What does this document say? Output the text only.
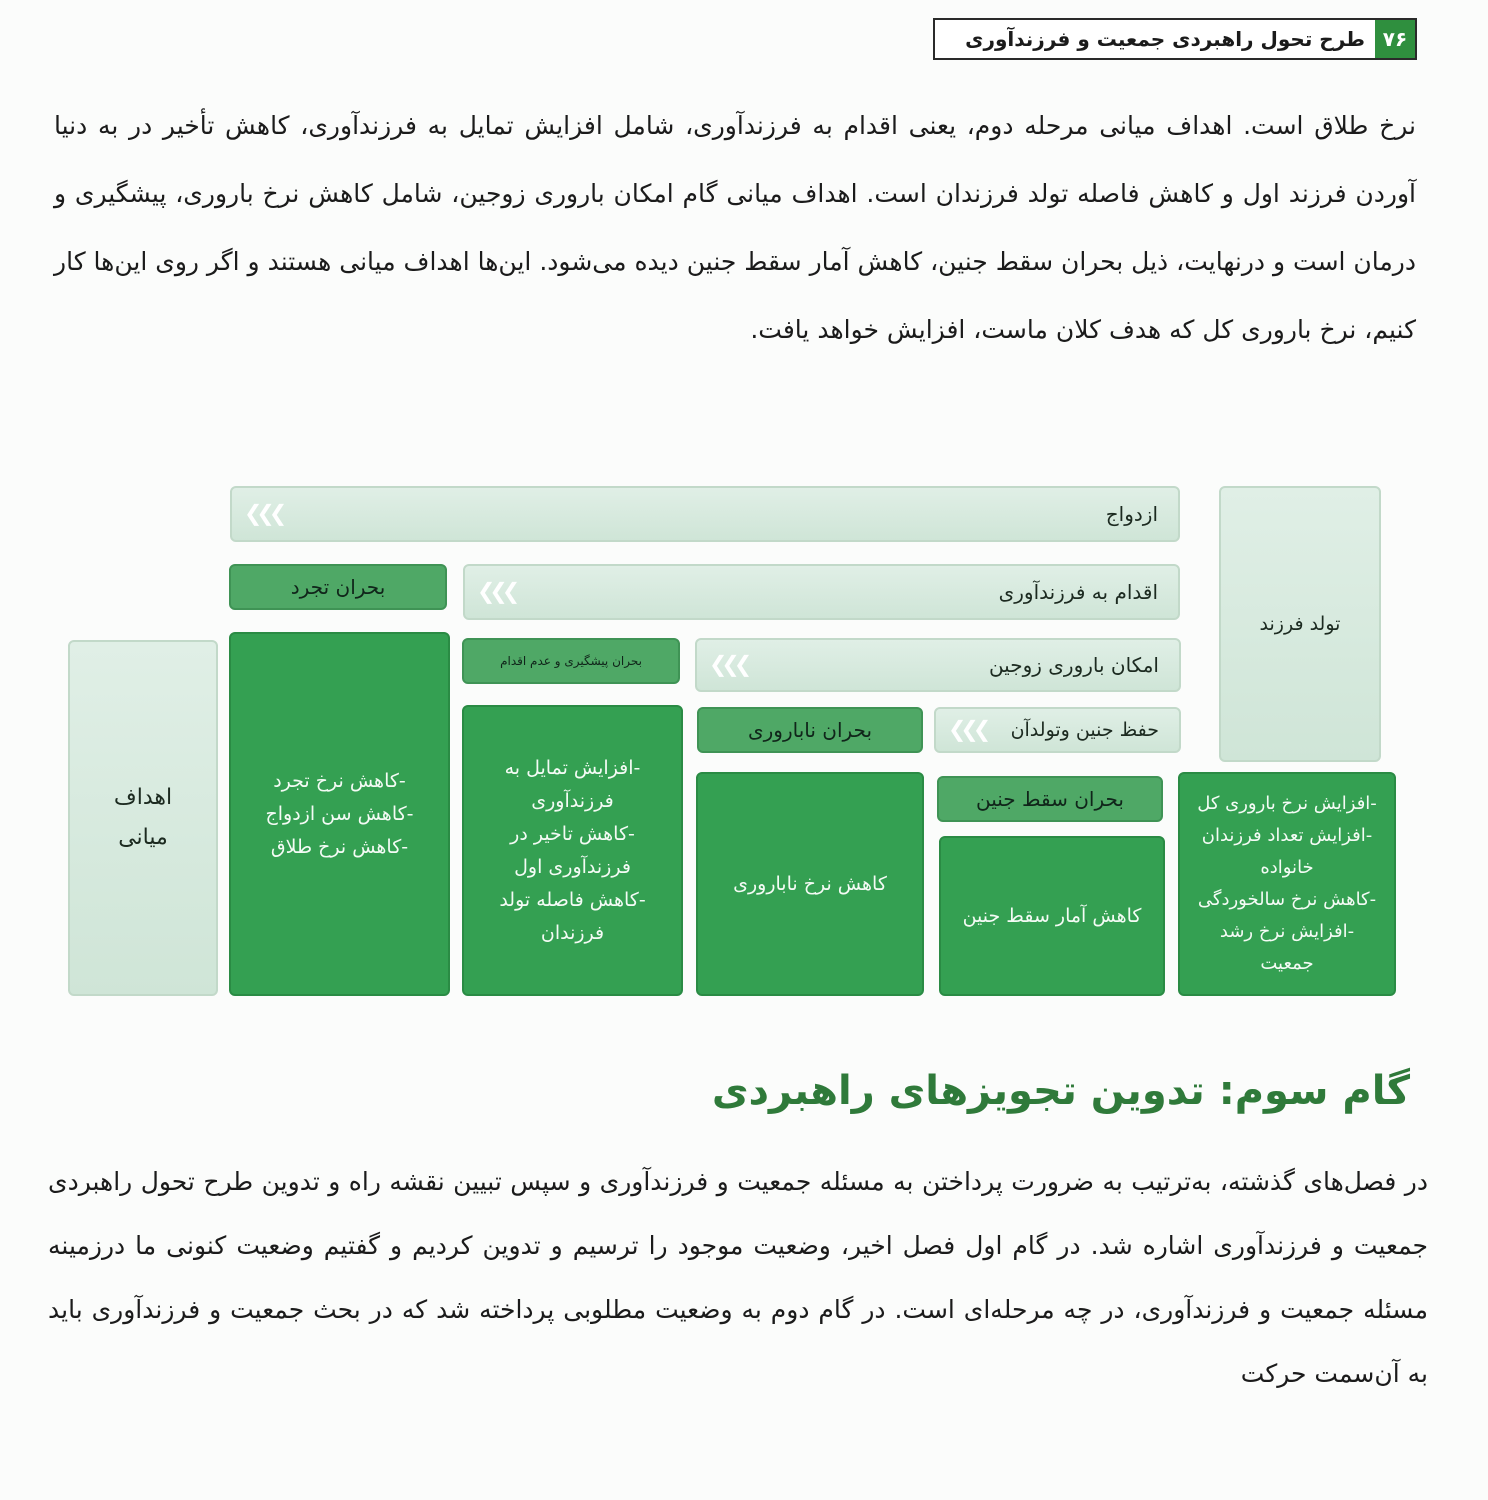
۷۶
طرح تحول راهبردی جمعیت و فرزندآوری

نرخ طلاق است. اهداف میانی مرحله دوم، یعنی اقدام به فرزندآوری، شامل افزایش تمایل به فرزندآوری، کاهش تأخیر در به دنیا آوردن فرزند اول و کاهش فاصله تولد فرزندان است. اهداف میانی گام امکان باروری زوجین، شامل کاهش نرخ باروری، پیشگیری و درمان است و درنهایت، ذیل بحران سقط جنین، کاهش آمار سقط جنین دیده می‌شود. این‌ها اهداف میانی هستند و اگر روی این‌ها کار کنیم، نرخ باروری کل که هدف کلان ماست، افزایش خواهد یافت.

ازدواج
❯❯❯
تولد فرزند
بحران تجرد	اقدام به فرزندآوری
❯❯❯
بحران پیشگیری و عدم اقدام	امکان باروری زوجین
❯❯❯
اهداف
میانی
-کاهش نرخ تجرد
-کاهش سن ازدواج
-کاهش نرخ طلاق
بحران ناباروری	حفظ جنین وتولدآن
❯❯❯
-افزایش تمایل به
فرزندآوری
-کاهش تاخیر در
فرزندآوری اول
-کاهش فاصله تولد
فرزندان
کاهش نرخ ناباروری
بحران سقط جنین
کاهش آمار سقط جنین
-افزایش نرخ باروری کل
-افزایش تعداد فرزندان
خانواده
-کاهش نرخ سالخوردگی
-افزایش نرخ رشد
جمعیت
گام سوم: تدوین تجویزهای راهبردی

در فصل‌های گذشته، به‌ترتیب به ضرورت پرداختن به مسئله جمعیت و فرزندآوری و سپس تبیین نقشه راه و تدوین طرح تحول راهبردی جمعیت و فرزندآوری اشاره شد. در گام اول فصل اخیر، وضعیت موجود را ترسیم و تدوین کردیم و گفتیم وضعیت کنونی ما درزمینه مسئله جمعیت و فرزندآوری، در چه مرحله‌ای است. در گام دوم به وضعیت مطلوبی پرداخته شد که در بحث جمعیت و فرزندآوری باید به آن‌سمت حرکت
